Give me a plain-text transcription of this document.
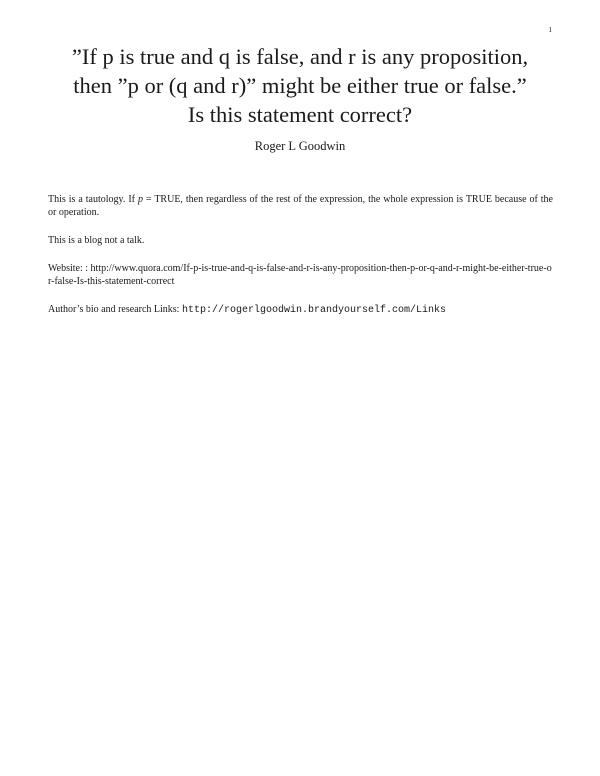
1
”If p is true and q is false, and r is any proposition,
then ”p or (q and r)” might be either true or false.”
Is this statement correct?
Roger L Goodwin

This is a tautology. If p = TRUE, then regardless of the rest of the expression, the whole expression is TRUE because of the or operation.

This is a blog not a talk.

Website: : http://www.quora.com/If-p-is-true-and-q-is-false-and-r-is-any-proposition-then-p-or-q-and-r-might-be-either-true-or-false-Is-this-statement-correct

Author’s bio and research Links: http://rogerlgoodwin.brandyourself.com/Links
